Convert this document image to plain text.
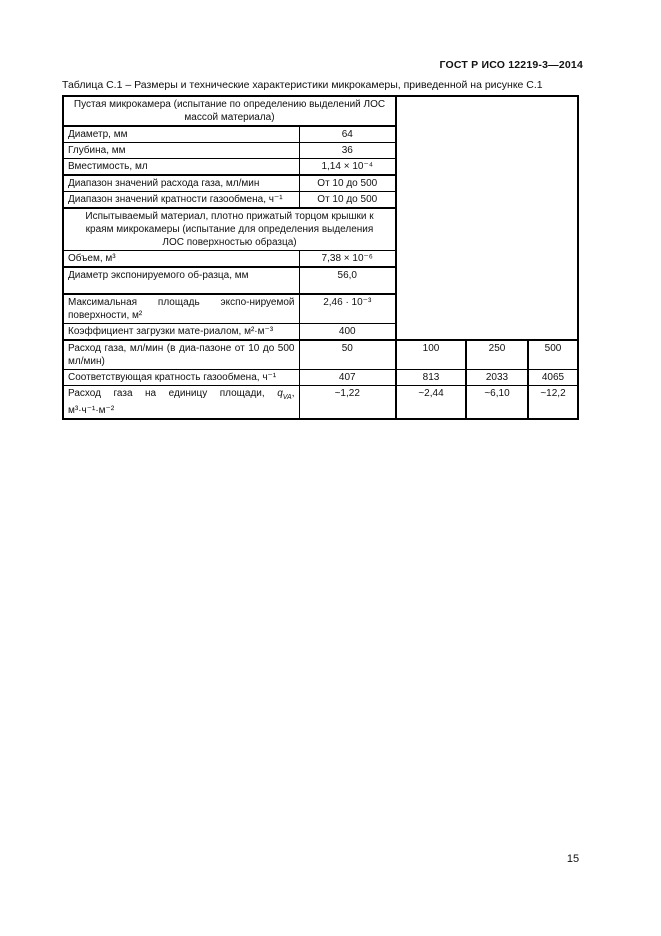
ГОСТ Р ИСО 12219-3—2014
Таблица С.1 – Размеры и технические характеристики микрокамеры, приведенной на рисунке С.1
Пустая микрокамера (испытание по определению выделений ЛОС массой материала)				

Диаметр, мм	64			
Глубина, мм	36			
Вместимость, мл	1,14 × 10⁻⁴			
Диапазон значений расхода газа, мл/мин	От 10 до 500			
Диапазон значений кратности газообмена, ч⁻¹	От 10 до 500			

Испытываемый материал, плотно прижатый торцом крышки к краям микрокамеры (испытание для определения выделения ЛОС поверхностью образца)				

Объем, м³	7,38 × 10⁻⁶			
Диаметр экспонируемого об-разца, мм	56,0			
Максимальная площадь экспо-нируемой поверхности, м²	2,46 · 10⁻³			
Коэффициент загрузки мате-риалом, м²·м⁻³	400			
Расход газа, мл/мин (в диа-пазоне от 10 до 500 мл/мин)	50	100	250	500
Соответствующая кратность газообмена, ч⁻¹	407	813	2033	4065
Расход газа на единицу площади, $q_{VA}$, м³·ч⁻¹·м⁻²	~1,22	~2,44	~6,10	~12,2
15
